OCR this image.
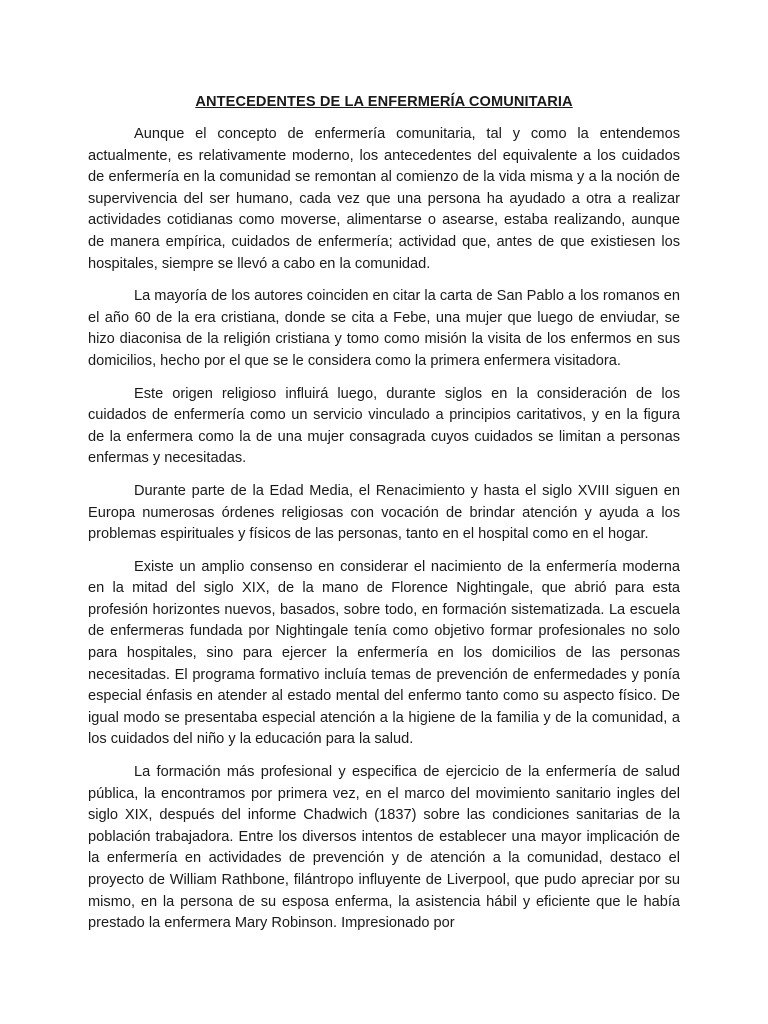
ANTECEDENTES DE LA ENFERMERÍA COMUNITARIA

Aunque el concepto de enfermería comunitaria, tal y como la entendemos actualmente, es relativamente moderno, los antecedentes del equivalente a los cuidados de enfermería en la comunidad se remontan al comienzo de la vida misma y a la noción de supervivencia del ser humano, cada vez que una persona ha ayudado a otra a realizar actividades cotidianas como moverse, alimentarse o asearse, estaba realizando, aunque de manera empírica, cuidados de enfermería; actividad que, antes de que existiesen los hospitales, siempre se llevó a cabo en la comunidad.

La mayoría de los autores coinciden en citar la carta de San Pablo a los romanos en el año 60 de la era cristiana, donde se cita a Febe, una mujer que luego de enviudar, se hizo diaconisa de la religión cristiana y tomo como misión la visita de los enfermos en sus domicilios, hecho por el que se le considera como la primera enfermera visitadora.

Este origen religioso influirá luego, durante siglos en la consideración de los cuidados de enfermería como un servicio vinculado a principios caritativos, y en la figura de la enfermera como la de una mujer consagrada cuyos cuidados se limitan a personas enfermas y necesitadas.

Durante parte de la Edad Media, el Renacimiento y hasta el siglo XVIII siguen en Europa numerosas órdenes religiosas con vocación de brindar atención y ayuda a los problemas espirituales y físicos de las personas, tanto en el hospital como en el hogar.

Existe un amplio consenso en considerar el nacimiento de la enfermería moderna en la mitad del siglo XIX, de la mano de Florence Nightingale, que abrió para esta profesión horizontes nuevos, basados, sobre todo, en formación sistematizada. La escuela de enfermeras fundada por Nightingale tenía como objetivo formar profesionales no solo para hospitales, sino para ejercer la enfermería en los domicilios de las personas necesitadas. El programa formativo incluía temas de prevención de enfermedades y ponía especial énfasis en atender al estado mental del enfermo tanto como su aspecto físico. De igual modo se presentaba especial atención a la higiene de la familia y de la comunidad, a los cuidados del niño y la educación para la salud.

La formación más profesional y especifica de ejercicio de la enfermería de salud pública, la encontramos por primera vez, en el marco del movimiento sanitario ingles del siglo XIX, después del informe Chadwich (1837) sobre las condiciones sanitarias de la población trabajadora. Entre los diversos intentos de establecer una mayor implicación de la enfermería en actividades de prevención y de atención a la comunidad, destaco el proyecto de William Rathbone, filántropo influyente de Liverpool, que pudo apreciar por su mismo, en la persona de su esposa enferma, la asistencia hábil y eficiente que le había prestado la enfermera Mary Robinson. Impresionado por
